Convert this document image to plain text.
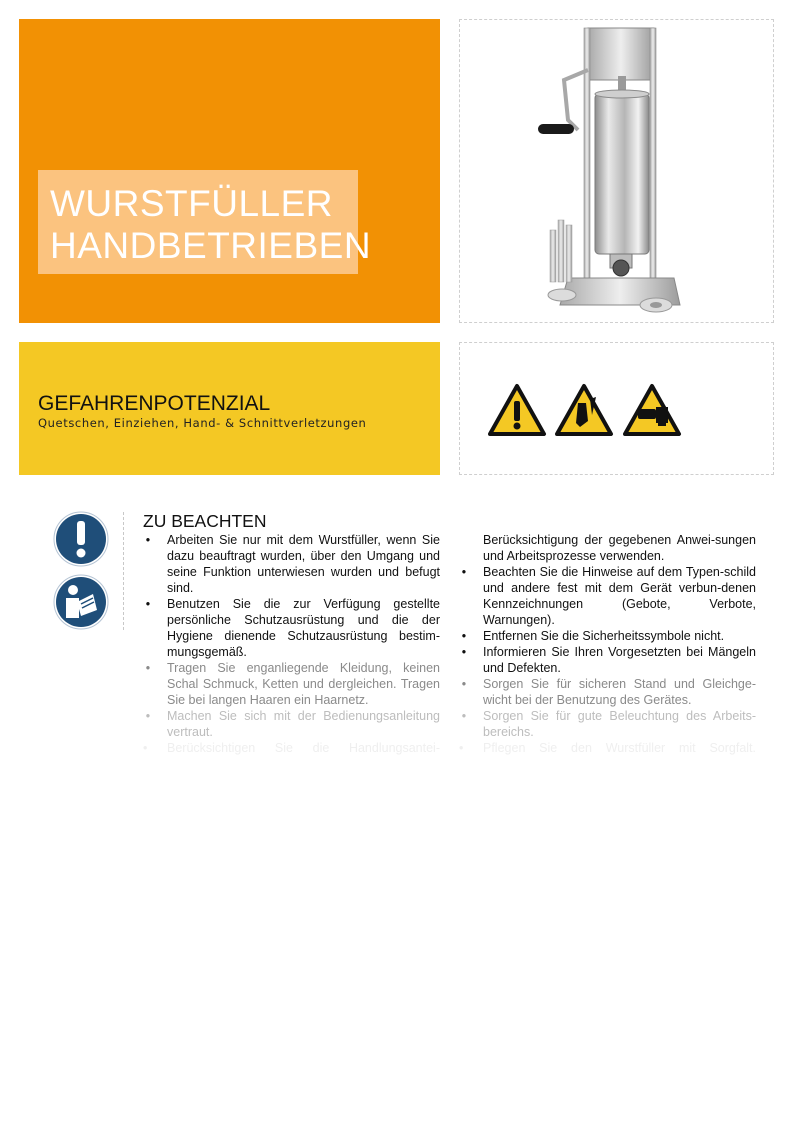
WURSTFÜLLER
HANDBETRIEBEN
GEFAHRENPOTENZIAL
Quetschen, Einziehen, Hand- & Schnittverletzungen
ZU BEACHTEN
• Arbeiten Sie nur mit dem Wurstfüller, wenn Sie dazu beauftragt wurden, über den Umgang und seine Funktion unterwiesen wurden und befugt sind.
• Benutzen Sie die zur Verfügung gestellte persönliche Schutzausrüstung und die der Hygiene dienende Schutzausrüstung bestim-mungsgemäß.
• Tragen Sie enganliegende Kleidung, keinen Schal Schmuck, Ketten und dergleichen. Tragen Sie bei langen Haaren ein Haarnetz.
• Machen Sie sich mit der Bedienungsanleitung vertraut.
•	Berücksichtigen Sie die Handlungsantei-
Berücksichtigung der gegebenen Anwei-sungen und Arbeitsprozesse verwenden.
• Beachten Sie die Hinweise auf dem Typen-schild und andere fest mit dem Gerät verbun-denen Kennzeichnungen (Gebote, Verbote, Warnungen).
• Entfernen Sie die Sicherheitssymbole nicht.
• Informieren Sie Ihren Vorgesetzten bei Mängeln und Defekten.
• Sorgen Sie für sicheren Stand und Gleichge-wicht bei der Benutzung des Gerätes.
• Sorgen Sie für gute Beleuchtung des Arbeits-bereichs.
•	Pflegen Sie den Wurstfüller mit Sorgfalt.
